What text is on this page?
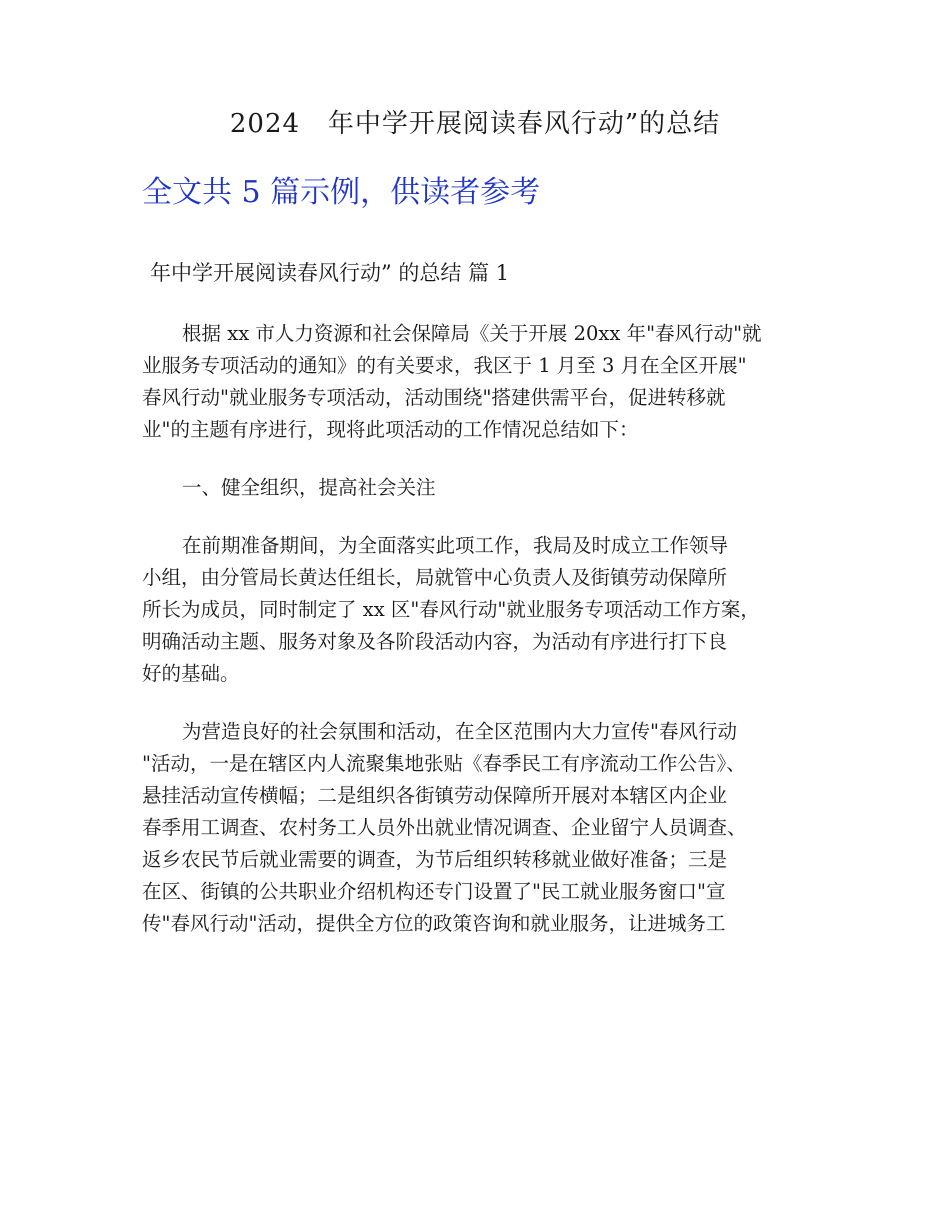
2024   年中学开展阅读春风行动”的总结
全文共 5 篇示例，供读者参考
年中学开展阅读春风行动” 的总结 篇 1
根据 xx 市人力资源和社会保障局《关于开展 20xx 年"春风行动"就
业服务专项活动的通知》的有关要求，我区于 1 月至 3 月在全区开展"
春风行动"就业服务专项活动，活动围绕"搭建供需平台，促进转移就
业"的主题有序进行，现将此项活动的工作情况总结如下：
一、健全组织，提高社会关注
在前期准备期间，为全面落实此项工作，我局及时成立工作领导
小组，由分管局长黄达任组长，局就管中心负责人及街镇劳动保障所
所长为成员，同时制定了 xx 区"春风行动"就业服务专项活动工作方案，
明确活动主题、服务对象及各阶段活动内容，为活动有序进行打下良
好的基础。
为营造良好的社会氛围和活动，在全区范围内大力宣传"春风行动
"活动，一是在辖区内人流聚集地张贴《春季民工有序流动工作公告》、
悬挂活动宣传横幅；二是组织各街镇劳动保障所开展对本辖区内企业
春季用工调查、农村务工人员外出就业情况调查、企业留宁人员调查、
返乡农民节后就业需要的调查，为节后组织转移就业做好准备；三是
在区、街镇的公共职业介绍机构还专门设置了"民工就业服务窗口"宣
传"春风行动"活动，提供全方位的政策咨询和就业服务，让进城务工
